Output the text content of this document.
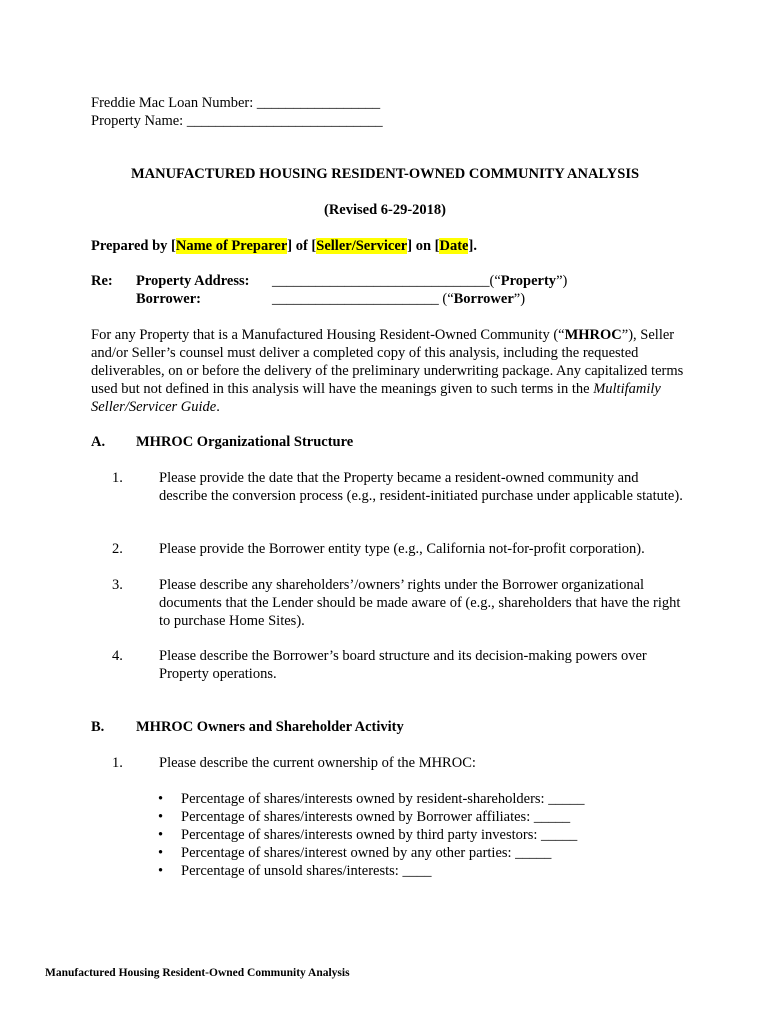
Freddie Mac Loan Number: _________________
Property Name: ___________________________
MANUFACTURED HOUSING RESIDENT-OWNED COMMUNITY ANALYSIS
(Revised 6-29-2018)
Prepared by [Name of Preparer] of [Seller/Servicer] on [Date].
Re: Property Address: ______________________________(“Property”)
Borrower:	_______________________ (“Borrower”)
For any Property that is a Manufactured Housing Resident-Owned Community (“MHROC”), Seller and/or Seller’s counsel must deliver a completed copy of this analysis, including the requested deliverables, on or before the delivery of the preliminary underwriting package. Any capitalized terms used but not defined in this analysis will have the meanings given to such terms in the Multifamily Seller/Servicer Guide.
A. MHROC Organizational Structure
1. Please provide the date that the Property became a resident-owned community and describe the conversion process (e.g., resident-initiated purchase under applicable statute).
2. Please provide the Borrower entity type (e.g., California not-for-profit corporation).
3. Please describe any shareholders’/owners’ rights under the Borrower organizational documents that the Lender should be made aware of (e.g., shareholders that have the right to purchase Home Sites).
4. Please describe the Borrower’s board structure and its decision-making powers over Property operations.
B. MHROC Owners and Shareholder Activity
1. Please describe the current ownership of the MHROC:
• Percentage of shares/interests owned by resident-shareholders: _____
• Percentage of shares/interests owned by Borrower affiliates: _____
• Percentage of shares/interests owned by third party investors: _____
• Percentage of shares/interest owned by any other parties: _____
• Percentage of unsold shares/interests: ____
Manufactured Housing Resident-Owned Community Analysis
